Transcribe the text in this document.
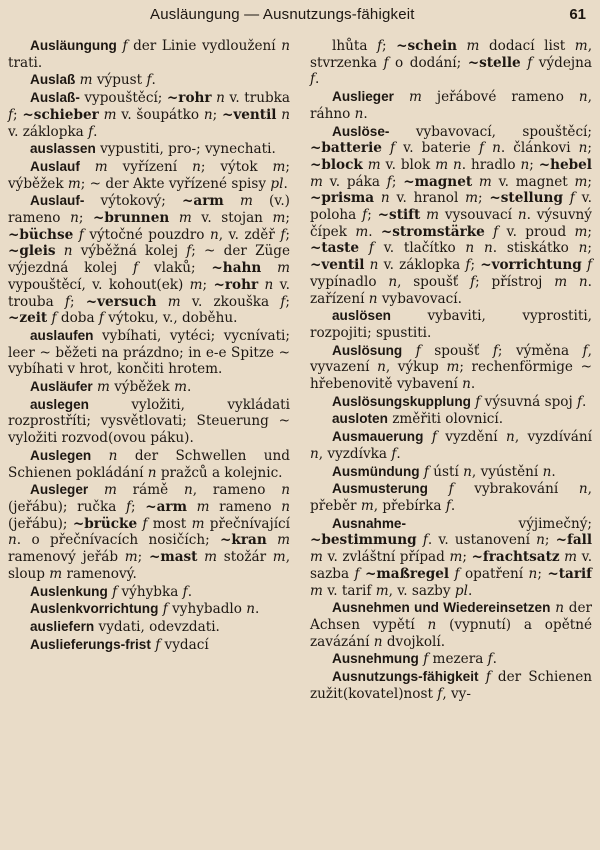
Ausläungung — Ausnutzungs-fähigkeit	61

Ausläungung f der Linie vydloužení n trati.

Auslaß m výpust f.

Auslaß- vypouštěcí; ~rohr n v. trubka f; ~schieber m v. šoupátko n; ~ventil n v. záklopka f.

auslassen vypustiti, pro-; vynechati.

Auslauf m vyřízení n; výtok m; výběžek m; ~ der Akte vyřízené spisy pl.

Auslauf- výtokový; ~arm m (v.) rameno n; ~brunnen m v. stojan m; ~büchse f výtočné pouzdro n, v. zděř f; ~gleis n výběžná kolej f; ~ der Züge výjezdná kolej f vlaků; ~hahn m vypouštěcí, v. kohout(ek) m; ~rohr n v. trouba f; ~versuch m v. zkouška f; ~zeit f doba f výtoku, v., doběhu.

auslaufen vybíhati, vytéci; vycnívati; leer ~ běžeti na prázdno; in e-e Spitze ~ vybíhati v hrot, končiti hrotem.

Ausläufer m výběžek m.

auslegen vyložiti, vykládati rozprostříti; vysvětlovati; Steuerung ~ vyložiti rozvod(ovou páku).

Auslegen n der Schwellen und Schienen pokládání n pražců a kolejnic.

Ausleger m rámě n, rameno n (jeřábu); ručka f; ~arm m rameno n (jeřábu); ~brücke f most m přečnívající n. o přečnívacích nosičích; ~kran m ramenový jeřáb m; ~mast m stožár m, sloup m ramenový.

Auslenkung f výhybka f.

Auslenkvorrichtung f vyhybadlo n.

ausliefern vydati, odevzdati.

Auslieferungs-frist f vydací

lhůta f; ~schein m dodací list m, stvrzenka f o dodání; ~stelle f výdejna f.

Auslieger m jeřábové rameno n, ráhno n.

Auslöse- vybavovací, spouštěcí; ~batterie f v. baterie f n. článkovi n; ~block m v. blok m n. hradlo n; ~hebel m v. páka f; ~magnet m v. magnet m; ~prisma n v. hranol m; ~stellung f v. poloha f; ~stift m vysouvací n. výsuvný čípek m. ~stromstärke f v. proud m; ~taste f v. tlačítko n n. stiskátko n; ~ventil n v. záklopka f; ~vorrichtung f vypínadlo n, spoušť f; přístroj m n. zařízení n vybavovací.

auslösen vybaviti, vyprostiti, rozpojiti; spustiti.

Auslösung f spoušť f; výměna f, vyvazení n, výkup m; rechenförmige ~ hřebenovitě vybavení n.

Auslösungskupplung f výsuvná spoj f.

ausloten změřiti olovnicí.

Ausmauerung f vyzdění n, vyzdívání n, vyzdívka f.

Ausmündung f ústí n, vyústění n.

Ausmusterung f vybrakování n, přeběr m, přebírka f.

Ausnahme- výjimečný; ~bestimmung f. v. ustanovení n; ~fall m v. zvláštní případ m; ~frachtsatz m v. sazba f ~maßregel f opatření n; ~tarif m v. tarif m, v. sazby pl.

Ausnehmen und Wiedereinsetzen n der Achsen vypětí n (vypnutí) a opětné zavázání n dvojkolí.

Ausnehmung f mezera f.

Ausnutzungs-fähigkeit f der Schienen zužit(kovatel)nost f, vy-
